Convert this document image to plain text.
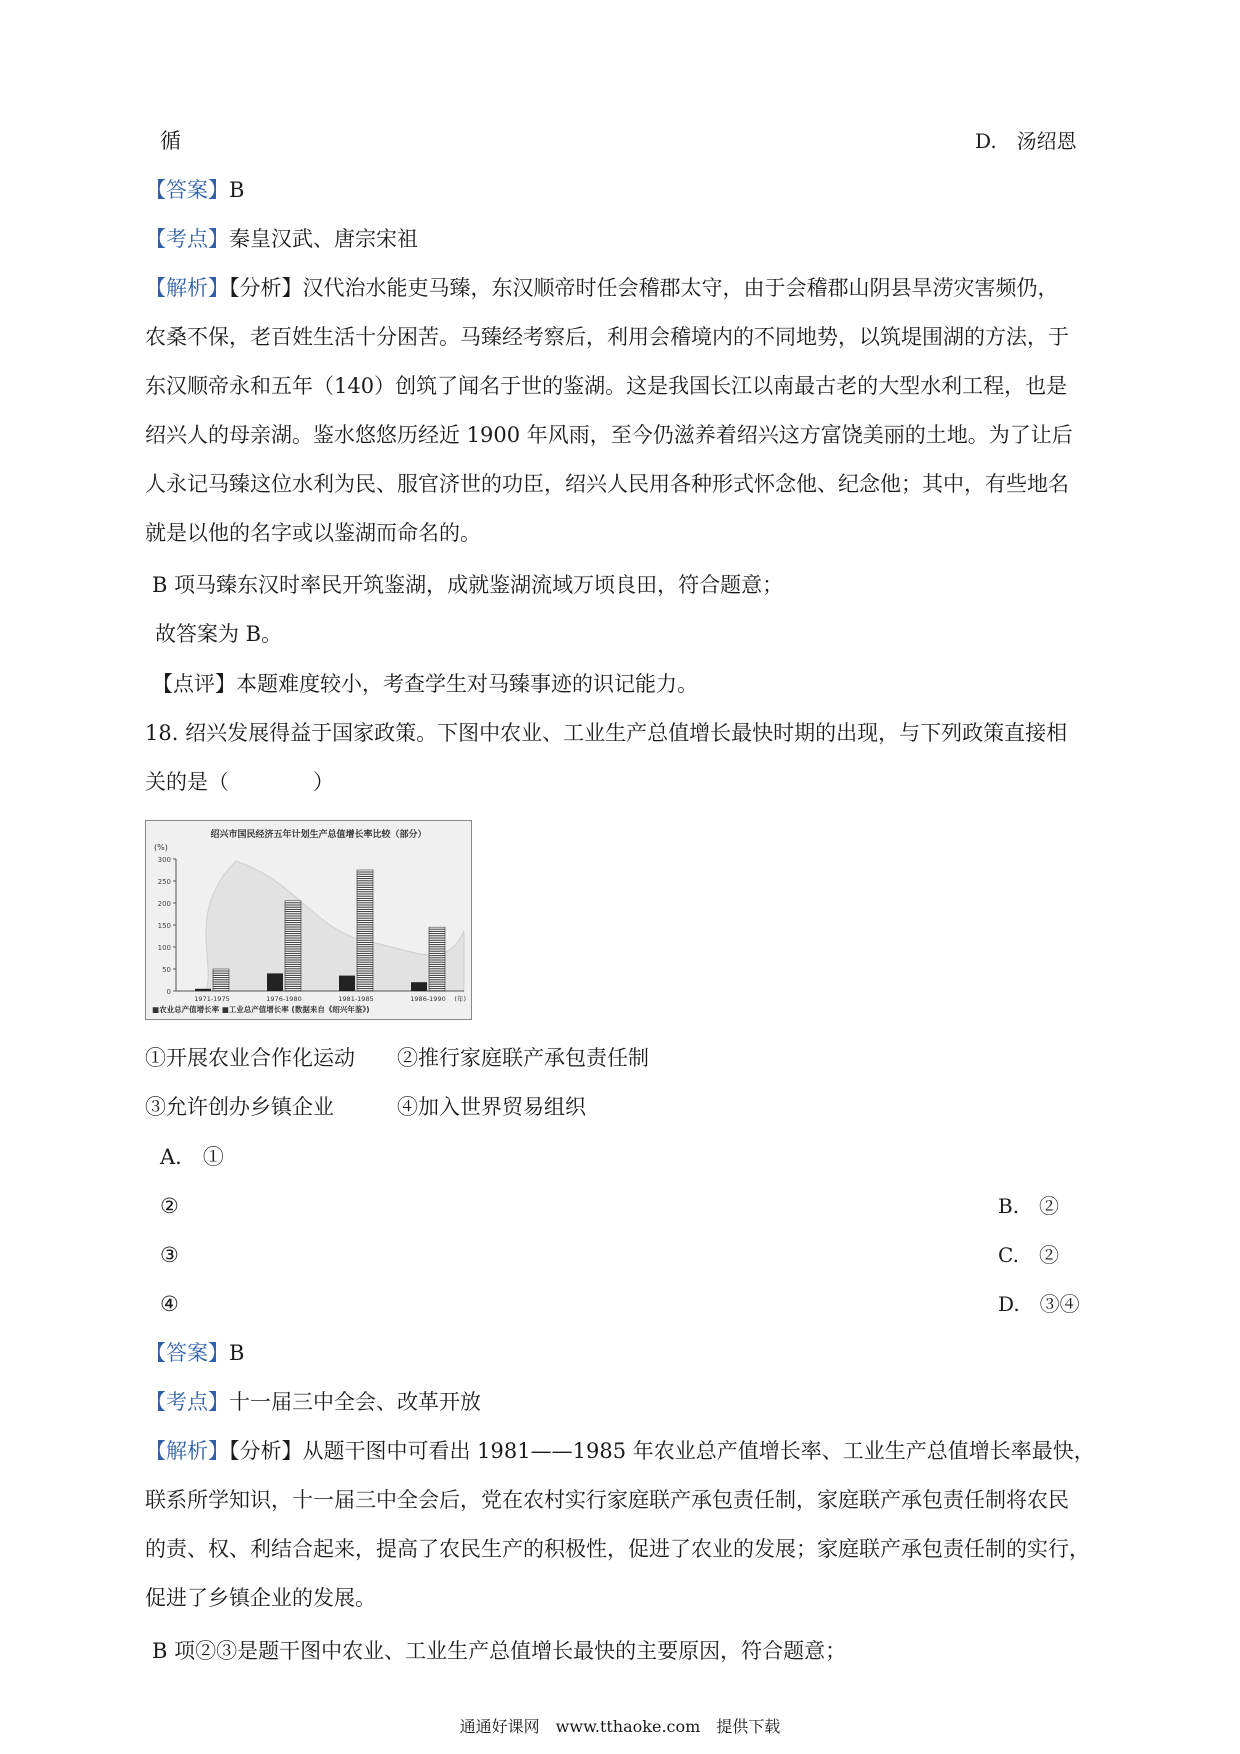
循	D.　汤绍恩
【答案】B
【考点】秦皇汉武、唐宗宋祖
【解析】【分析】汉代治水能吏马臻，东汉顺帝时任会稽郡太守，由于会稽郡山阴县旱涝灾害频仍，
农桑不保，老百姓生活十分困苦。马臻经考察后，利用会稽境内的不同地势，以筑堤围湖的方法，于
东汉顺帝永和五年（140）创筑了闻名于世的鉴湖。这是我国长江以南最古老的大型水利工程，也是
绍兴人的母亲湖。鉴水悠悠历经近 1900 年风雨，至今仍滋养着绍兴这方富饶美丽的土地。为了让后
人永记马臻这位水利为民、服官济世的功臣，绍兴人民用各种形式怀念他、纪念他；其中，有些地名
就是以他的名字或以鉴湖而命名的。
B 项马臻东汉时率民开筑鉴湖，成就鉴湖流域万顷良田，符合题意；
故答案为 B。
【点评】本题难度较小，考查学生对马臻事迹的识记能力。
18. 绍兴发展得益于国家政策。下图中农业、工业生产总值增长最快时期的出现，与下列政策直接相
关的是（　　　　）
绍兴市国民经济五年计划生产总值增长率比较（部分）
(%)
0
50
100
150
200
250
300
1971-1975	1976-1980	1981-1985	1986-1990 (年)
■农业总产值增长率 ■工业总产值增长率 (数据来自《绍兴年鉴》)
①开展农业合作化运动　　②推行家庭联产承包责任制
③允许创办乡镇企业　　　④加入世界贸易组织
A.　①
②	B.　②
③	C.　②
④	D.　③④
【答案】B
【考点】十一届三中全会、改革开放
【解析】【分析】从题干图中可看出 1981——1985 年农业总产值增长率、工业生产总值增长率最快，
联系所学知识，十一届三中全会后，党在农村实行家庭联产承包责任制，家庭联产承包责任制将农民
的责、权、利结合起来，提高了农民生产的积极性，促进了农业的发展；家庭联产承包责任制的实行，
促进了乡镇企业的发展。
B 项②③是题干图中农业、工业生产总值增长最快的主要原因，符合题意；
通通好课网　www.tthaoke.com　提供下载
